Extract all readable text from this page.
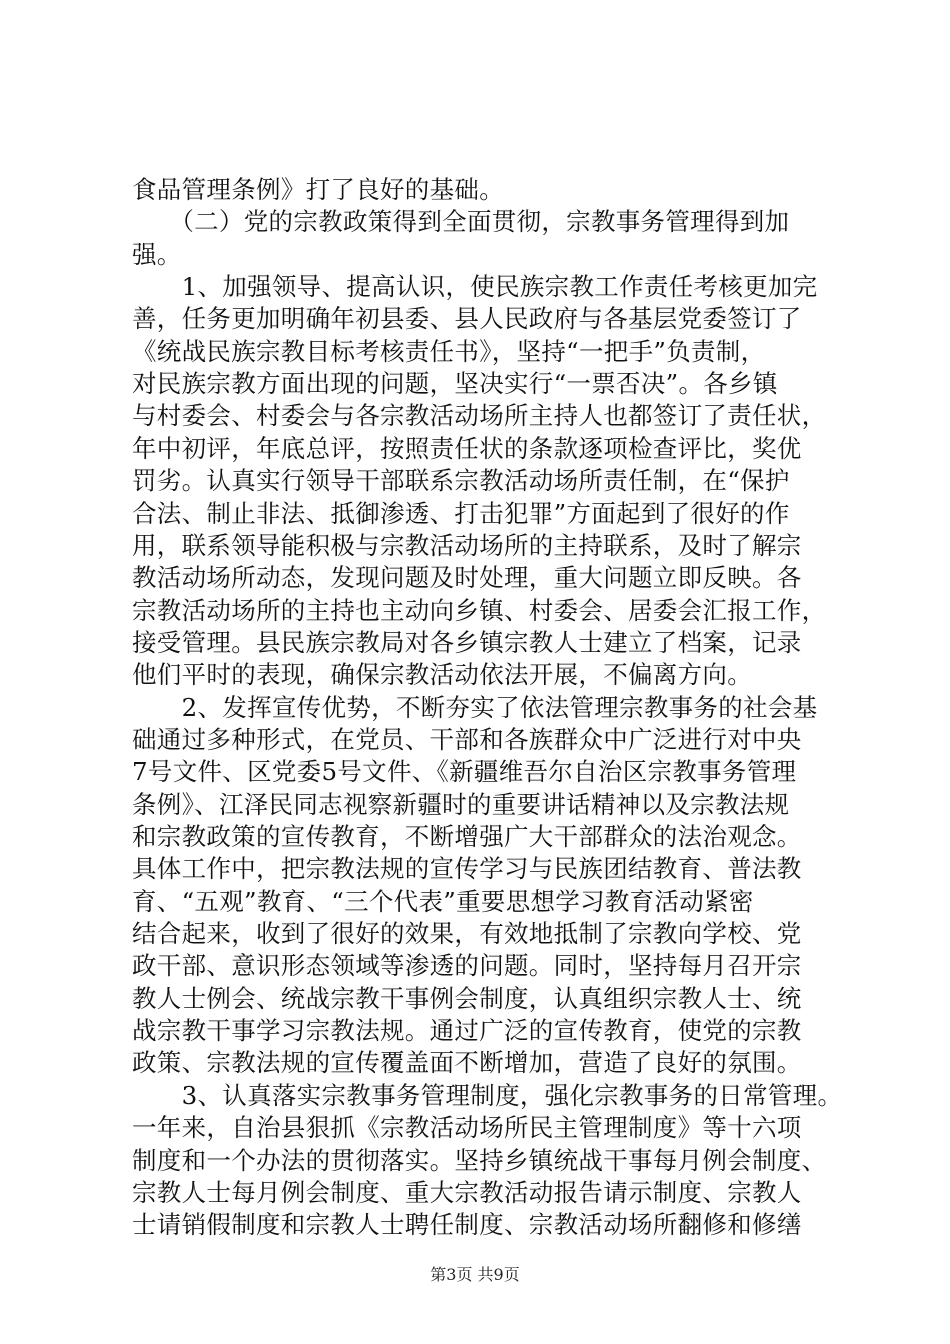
食品管理条例》打了良好的基础。
　　（二）党的宗教政策得到全面贯彻，宗教事务管理得到加
强。
　　1、加强领导、提高认识，使民族宗教工作责任考核更加完
善，任务更加明确年初县委、县人民政府与各基层党委签订了
《统战民族宗教目标考核责任书》，坚持“一把手”负责制，
对民族宗教方面出现的问题，坚决实行“一票否决”。各乡镇
与村委会、村委会与各宗教活动场所主持人也都签订了责任状，
年中初评，年底总评，按照责任状的条款逐项检查评比，奖优
罚劣。认真实行领导干部联系宗教活动场所责任制，在“保护
合法、制止非法、抵御渗透、打击犯罪”方面起到了很好的作
用，联系领导能积极与宗教活动场所的主持联系，及时了解宗
教活动场所动态，发现问题及时处理，重大问题立即反映。各
宗教活动场所的主持也主动向乡镇、村委会、居委会汇报工作，
接受管理。县民族宗教局对各乡镇宗教人士建立了档案，记录
他们平时的表现，确保宗教活动依法开展，不偏离方向。
　　2、发挥宣传优势，不断夯实了依法管理宗教事务的社会基
础通过多种形式，在党员、干部和各族群众中广泛进行对中央
7号文件、区党委5号文件、《新疆维吾尔自治区宗教事务管理
条例》、江泽民同志视察新疆时的重要讲话精神以及宗教法规
和宗教政策的宣传教育，不断增强广大干部群众的法治观念。
具体工作中，把宗教法规的宣传学习与民族团结教育、普法教
育、“五观”教育、“三个代表”重要思想学习教育活动紧密
结合起来，收到了很好的效果，有效地抵制了宗教向学校、党
政干部、意识形态领域等渗透的问题。同时，坚持每月召开宗
教人士例会、统战宗教干事例会制度，认真组织宗教人士、统
战宗教干事学习宗教法规。通过广泛的宣传教育，使党的宗教
政策、宗教法规的宣传覆盖面不断增加，营造了良好的氛围。
　　3、认真落实宗教事务管理制度，强化宗教事务的日常管理。
一年来，自治县狠抓《宗教活动场所民主管理制度》等十六项
制度和一个办法的贯彻落实。坚持乡镇统战干事每月例会制度、
宗教人士每月例会制度、重大宗教活动报告请示制度、宗教人
士请销假制度和宗教人士聘任制度、宗教活动场所翻修和修缮
第3页 共9页
